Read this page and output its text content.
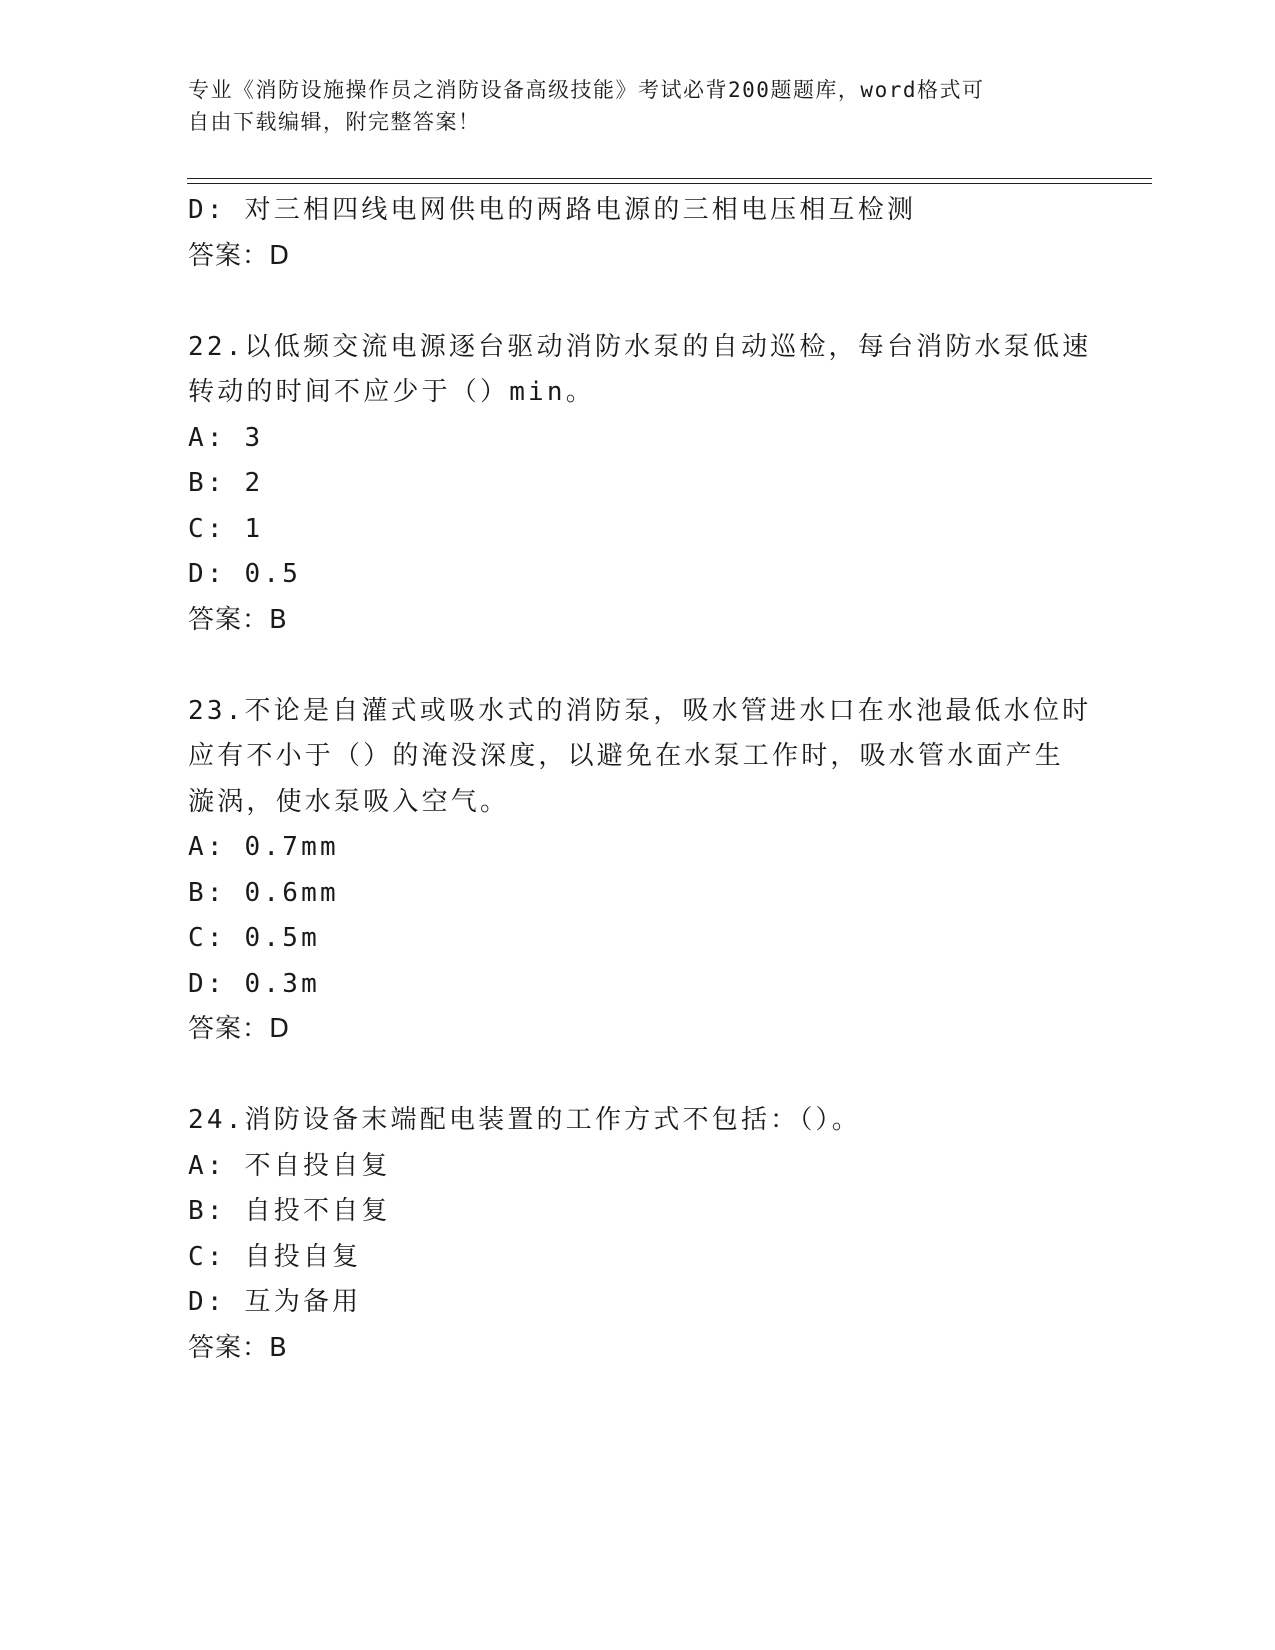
专业《消防设施操作员之消防设备高级技能》考试必背200题题库，word格式可
自由下载编辑，附完整答案！
D: 对三相四线电网供电的两路电源的三相电压相互检测
答案：D
22.以低频交流电源逐台驱动消防水泵的自动巡检，每台消防水泵低速
转动的时间不应少于（）min。
A: 3
B: 2
C: 1
D: 0.5
答案：B
23.不论是自灌式或吸水式的消防泵，吸水管进水口在水池最低水位时
应有不小于（）的淹没深度，以避免在水泵工作时，吸水管水面产生
漩涡，使水泵吸入空气。
A: 0.7mm
B: 0.6mm
C: 0.5m
D: 0.3m
答案：D
24.消防设备末端配电装置的工作方式不包括：（）。
A: 不自投自复
B: 自投不自复
C: 自投自复
D: 互为备用
答案：B
